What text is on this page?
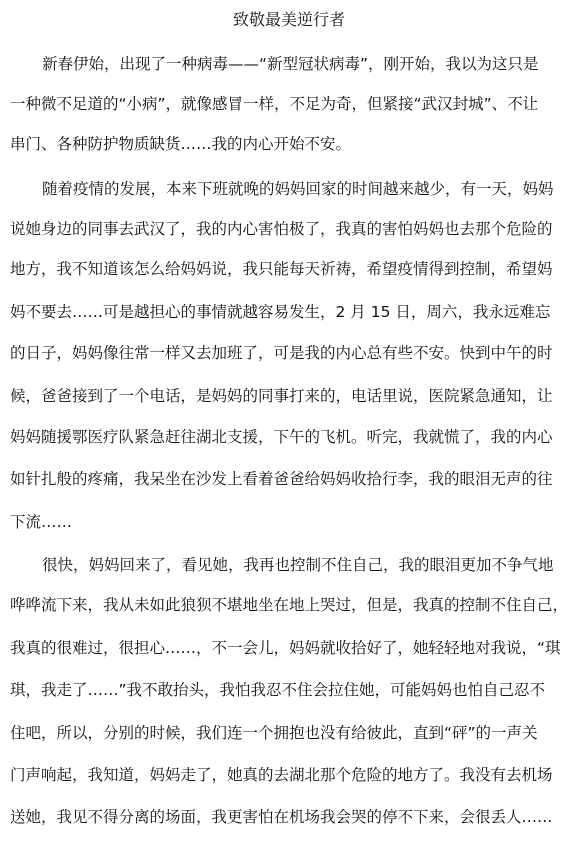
致敬最美逆行者
新春伊始，出现了一种病毒——“新型冠状病毒”，刚开始，我以为这只是
一种微不足道的“小病”，就像感冒一样，不足为奇，但紧接“武汉封城”、不让
串门、各种防护物质缺货……我的内心开始不安。
随着疫情的发展，本来下班就晚的妈妈回家的时间越来越少，有一天，妈妈
说她身边的同事去武汉了，我的内心害怕极了，我真的害怕妈妈也去那个危险的
地方，我不知道该怎么给妈妈说，我只能每天祈祷，希望疫情得到控制，希望妈
妈不要去……可是越担心的事情就越容易发生，2 月 15 日，周六，我永远难忘
的日子，妈妈像往常一样又去加班了，可是我的内心总有些不安。快到中午的时
候，爸爸接到了一个电话，是妈妈的同事打来的，电话里说，医院紧急通知，让
妈妈随援鄂医疗队紧急赶往湖北支援，下午的飞机。听完，我就慌了，我的内心
如针扎般的疼痛，我呆坐在沙发上看着爸爸给妈妈收拾行李，我的眼泪无声的往
下流……
很快，妈妈回来了，看见她，我再也控制不住自己，我的眼泪更加不争气地
哗哗流下来，我从未如此狼狈不堪地坐在地上哭过，但是，我真的控制不住自己，
我真的很难过，很担心……，不一会儿，妈妈就收拾好了，她轻轻地对我说，“琪
琪，我走了……”我不敢抬头，我怕我忍不住会拉住她，可能妈妈也怕自己忍不
住吧，所以，分别的时候，我们连一个拥抱也没有给彼此，直到“砰”的一声关
门声响起，我知道，妈妈走了，她真的去湖北那个危险的地方了。我没有去机场
送她，我见不得分离的场面，我更害怕在机场我会哭的停不下来，会很丢人……
